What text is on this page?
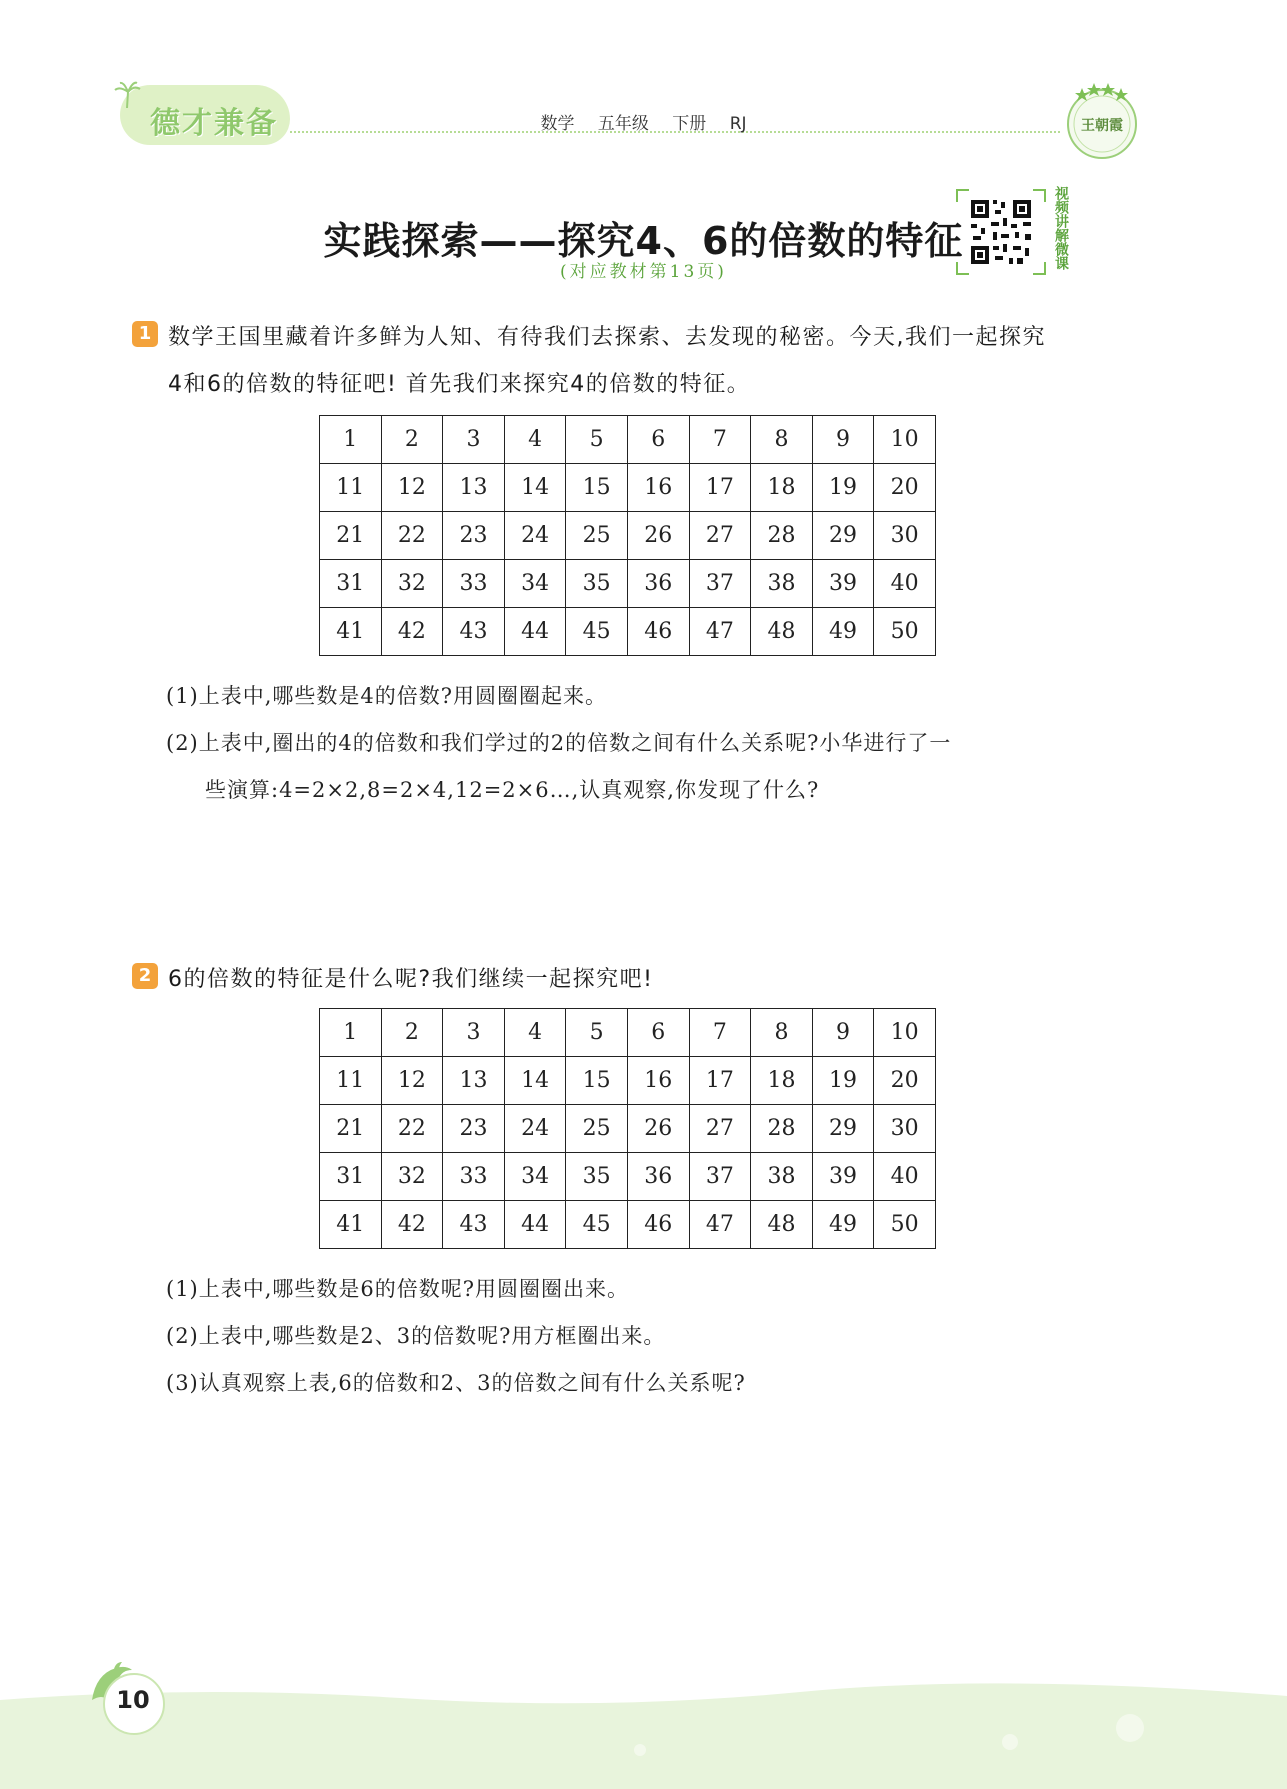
德才兼备	数学 五年级 下册 RJ	王朝霞
实践探索——探究4、6的倍数的特征
(对应教材第13页)
视频讲解微课
1 数学王国里藏着许多鲜为人知、有待我们去探索、去发现的秘密。今天,我们一起探究
4和6的倍数的特征吧! 首先我们来探究4的倍数的特征。
1	2	3	4	5	6	7	8	9	10
11	12	13	14	15	16	17	18	19	20
21	22	23	24	25	26	27	28	29	30
31	32	33	34	35	36	37	38	39	40
41	42	43	44	45	46	47	48	49	50
(1)上表中,哪些数是4的倍数?用圆圈圈起来。
(2)上表中,圈出的4的倍数和我们学过的2的倍数之间有什么关系呢?小华进行了一
些演算:4=2×2,8=2×4,12=2×6…,认真观察,你发现了什么?
2 6的倍数的特征是什么呢?我们继续一起探究吧!
1	2	3	4	5	6	7	8	9	10
11	12	13	14	15	16	17	18	19	20
21	22	23	24	25	26	27	28	29	30
31	32	33	34	35	36	37	38	39	40
41	42	43	44	45	46	47	48	49	50
(1)上表中,哪些数是6的倍数呢?用圆圈圈出来。
(2)上表中,哪些数是2、3的倍数呢?用方框圈出来。
(3)认真观察上表,6的倍数和2、3的倍数之间有什么关系呢?
10
